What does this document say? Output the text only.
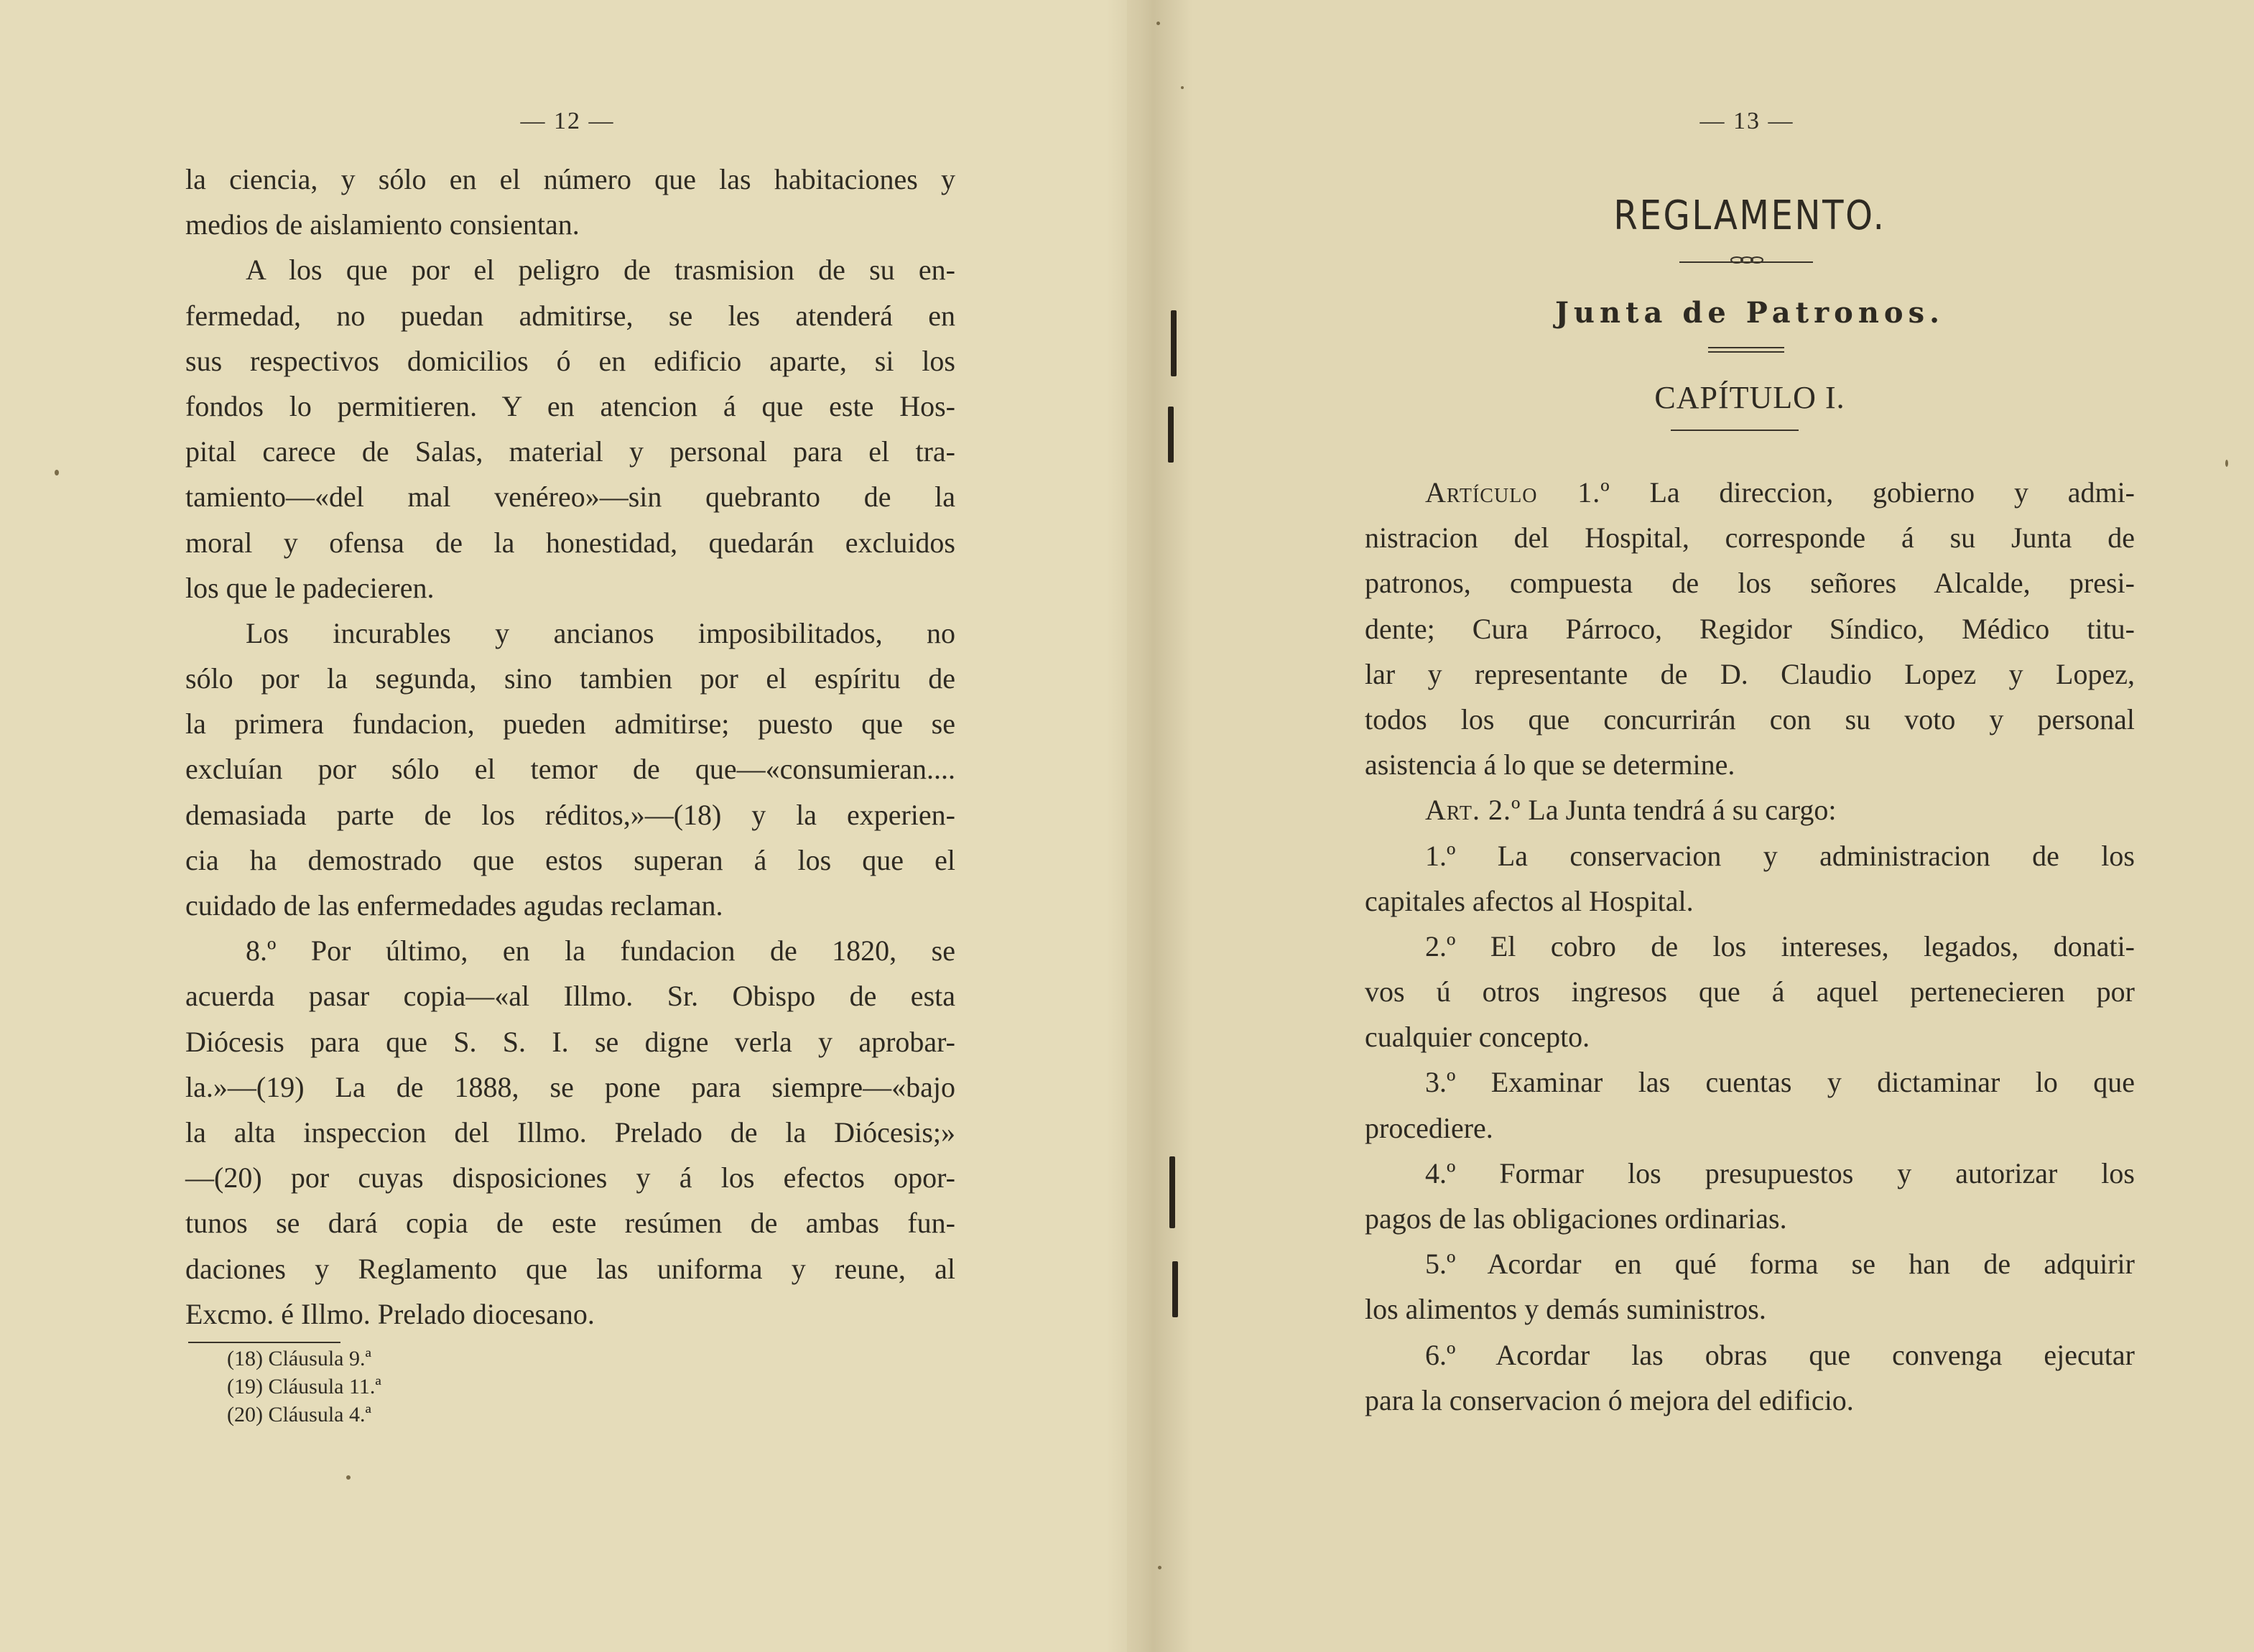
— 12 —
la ciencia, y sólo en el número que las habitaciones y
medios de aislamiento consientan.
A los que por el peligro de trasmision de su en-
fermedad, no puedan admitirse, se les atenderá en
sus respectivos domicilios ó en edificio aparte, si los
fondos lo permitieren. Y en atencion á que este Hos-
pital carece de Salas, material y personal para el tra-
tamiento—«del mal venéreo»—sin quebranto de la
moral y ofensa de la honestidad, quedarán excluidos
los que le padecieren.
Los incurables y ancianos imposibilitados, no
sólo por la segunda, sino tambien por el espíritu de
la primera fundacion, pueden admitirse; puesto que se
excluían por sólo el temor de que—«consumieran....
demasiada parte de los réditos,»—(18) y la experien-
cia ha demostrado que estos superan á los que el
cuidado de las enfermedades agudas reclaman.
8.º Por último, en la fundacion de 1820, se
acuerda pasar copia—«al Illmo. Sr. Obispo de esta
Diócesis para que S. S. I. se digne verla y aprobar-
la.»—(19) La de 1888, se pone para siempre—«bajo
la alta inspeccion del Illmo. Prelado de la Diócesis;»
—(20) por cuyas disposiciones y á los efectos opor-
tunos se dará copia de este resúmen de ambas fun-
daciones y Reglamento que las uniforma y reune, al
Excmo. é Illmo. Prelado diocesano.
(18) Cláusula 9.ª
(19) Cláusula 11.ª
(20) Cláusula 4.ª
— 13 —
REGLAMENTO.
Junta de Patronos.
CAPÍTULO I.
Artículo 1.º La direccion, gobierno y admi-
nistracion del Hospital, corresponde á su Junta de
patronos, compuesta de los señores Alcalde, presi-
dente; Cura Párroco, Regidor Síndico, Médico titu-
lar y representante de D. Claudio Lopez y Lopez,
todos los que concurrirán con su voto y personal
asistencia á lo que se determine.
Art. 2.º La Junta tendrá á su cargo:
1.º La conservacion y administracion de los
capitales afectos al Hospital.
2.º El cobro de los intereses, legados, donati-
vos ú otros ingresos que á aquel pertenecieren por
cualquier concepto.
3.º Examinar las cuentas y dictaminar lo que
procediere.
4.º Formar los presupuestos y autorizar los
pagos de las obligaciones ordinarias.
5.º Acordar en qué forma se han de adquirir
los alimentos y demás suministros.
6.º Acordar las obras que convenga ejecutar
para la conservacion ó mejora del edificio.
